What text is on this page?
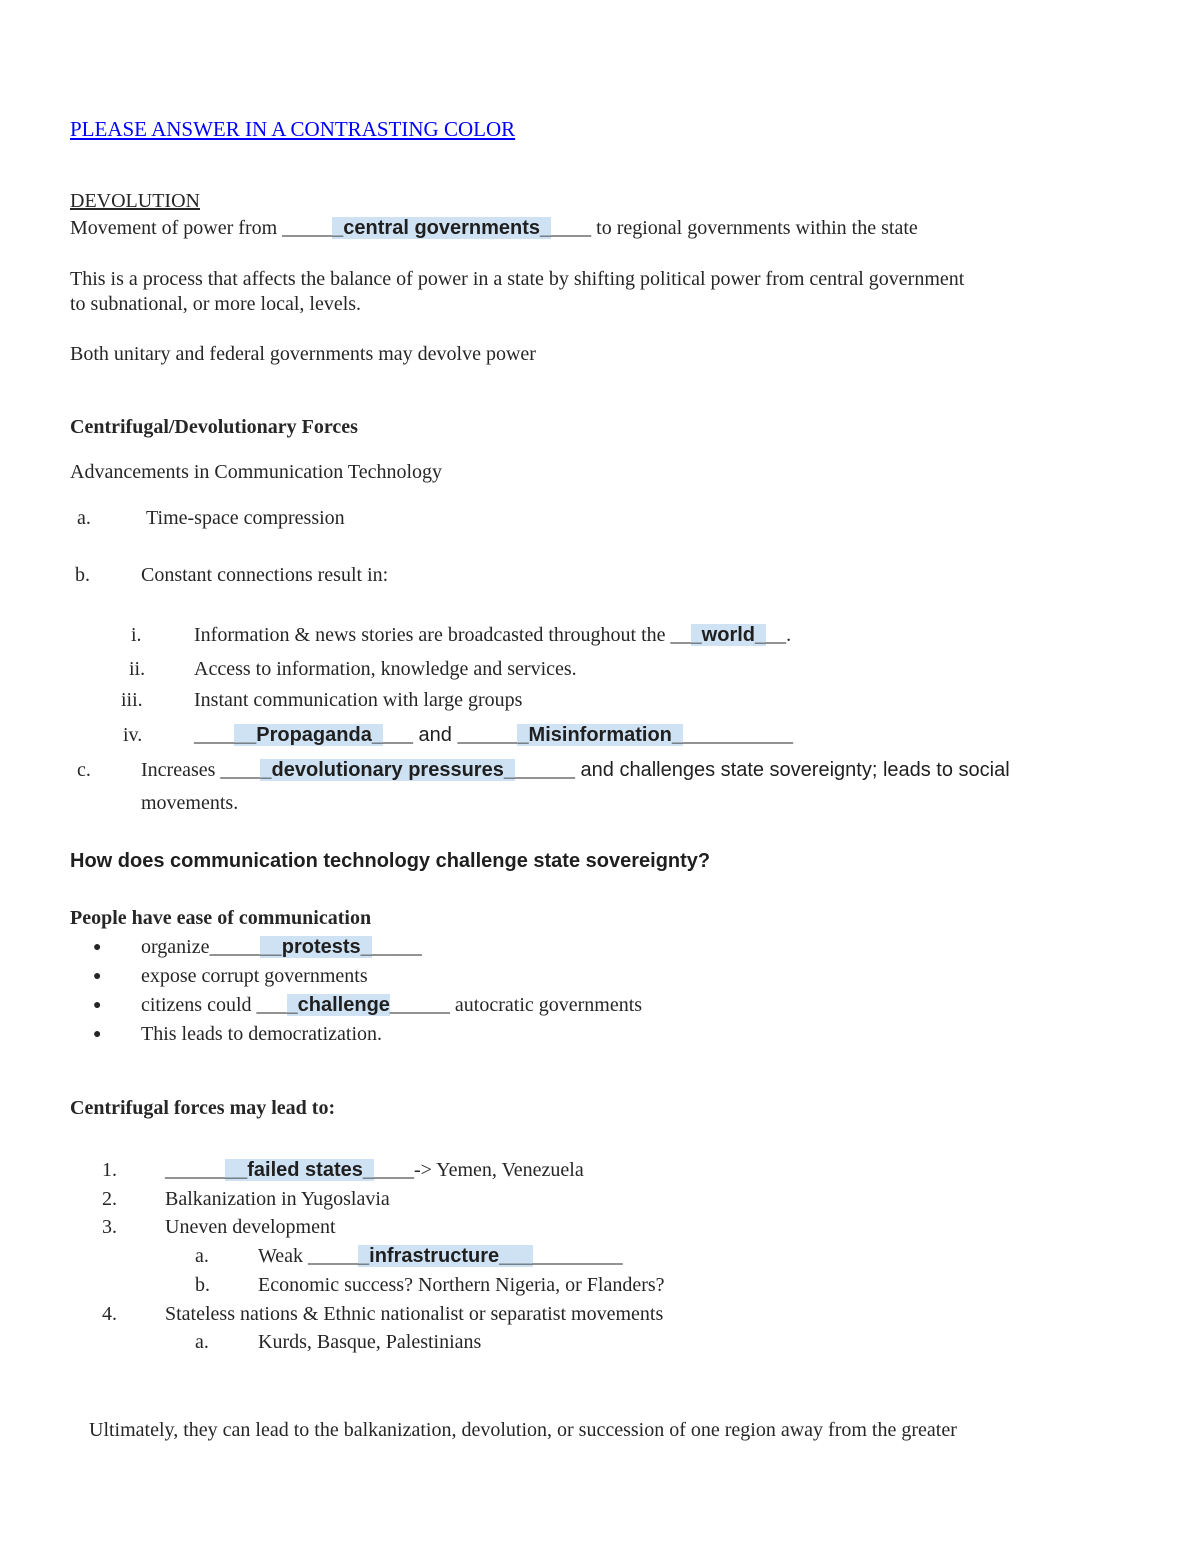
PLEASE ANSWER IN A CONTRASTING COLOR
DEVOLUTION
Movement of power from ______central governments_____ to regional governments within the state
This is a process that affects the balance of power in a state by shifting political power from central government
to subnational, or more local, levels.
Both unitary and federal governments may devolve power
Centrifugal/Devolutionary Forces
Advancements in Communication Technology
a.	Time-space compression
b.	Constant connections result in:
i.	Information & news stories are broadcasted throughout the ___world___.
ii. Access to information, knowledge and services.
iii.	Instant communication with large groups
iv.	______Propaganda____ and _______Misinformation____________
c.	Increases _____devolutionary pressures_______ and challenges state sovereignty; leads to social
movements.
How does communication technology challenge state sovereignty?
People have ease of communication
● organize_______protests______
● expose corrupt governments
● citizens could ____challenge______ autocratic governments
● This leads to democratization.
Centrifugal forces may lead to:
1. ________failed states_____-> Yemen, Venezuela
2. Balkanization in Yugoslavia
3. Uneven development
a. Weak ______infrastructure____________
b. Economic success? Northern Nigeria, or Flanders?
4. Stateless nations & Ethnic nationalist or separatist movements
a. Kurds, Basque, Palestinians
Ultimately, they can lead to the balkanization, devolution, or succession of one region away from the greater
